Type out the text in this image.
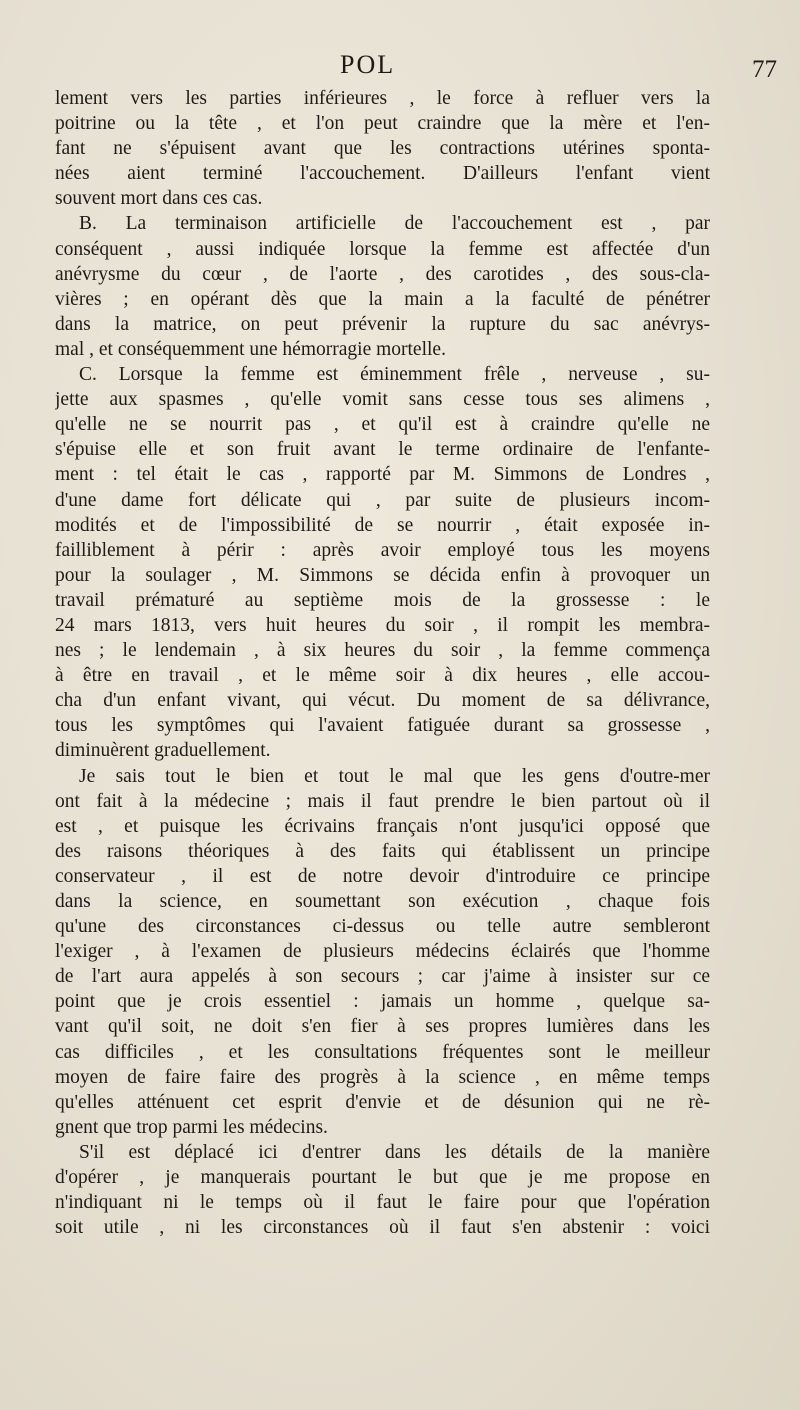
POL	77
lement vers les parties inférieures , le force à refluer vers la
poitrine ou la tête , et l'on peut craindre que la mère et l'en-
fant ne s'épuisent avant que les contractions utérines sponta-
nées aient terminé l'accouchement. D'ailleurs l'enfant vient
souvent mort dans ces cas.
B. La terminaison artificielle de l'accouchement est , par
conséquent , aussi indiquée lorsque la femme est affectée d'un
anévrysme du cœur , de l'aorte , des carotides , des sous-cla-
vières ; en opérant dès que la main a la faculté de pénétrer
dans la matrice, on peut prévenir la rupture du sac anévrys-
mal , et conséquemment une hémorragie mortelle.
C. Lorsque la femme est éminemment frêle , nerveuse , su-
jette aux spasmes , qu'elle vomit sans cesse tous ses alimens ,
qu'elle ne se nourrit pas , et qu'il est à craindre qu'elle ne
s'épuise elle et son fruit avant le terme ordinaire de l'enfante-
ment : tel était le cas , rapporté par M. Simmons de Londres ,
d'une dame fort délicate qui , par suite de plusieurs incom-
modités et de l'impossibilité de se nourrir , était exposée in-
failliblement à périr : après avoir employé tous les moyens
pour la soulager , M. Simmons se décida enfin à provoquer un
travail prématuré au septième mois de la grossesse : le
24 mars 1813, vers huit heures du soir , il rompit les membra-
nes ; le lendemain , à six heures du soir , la femme commença
à être en travail , et le même soir à dix heures , elle accou-
cha d'un enfant vivant, qui vécut. Du moment de sa délivrance,
tous les symptômes qui l'avaient fatiguée durant sa grossesse ,
diminuèrent graduellement.
Je sais tout le bien et tout le mal que les gens d'outre-mer
ont fait à la médecine ; mais il faut prendre le bien partout où il
est , et puisque les écrivains français n'ont jusqu'ici opposé que
des raisons théoriques à des faits qui établissent un principe
conservateur , il est de notre devoir d'introduire ce principe
dans la science, en soumettant son exécution , chaque fois
qu'une des circonstances ci-dessus ou telle autre sembleront
l'exiger , à l'examen de plusieurs médecins éclairés que l'homme
de l'art aura appelés à son secours ; car j'aime à insister sur ce
point que je crois essentiel : jamais un homme , quelque sa-
vant qu'il soit, ne doit s'en fier à ses propres lumières dans les
cas difficiles , et les consultations fréquentes sont le meilleur
moyen de faire faire des progrès à la science , en même temps
qu'elles atténuent cet esprit d'envie et de désunion qui ne rè-
gnent que trop parmi les médecins.
S'il est déplacé ici d'entrer dans les détails de la manière
d'opérer , je manquerais pourtant le but que je me propose en
n'indiquant ni le temps où il faut le faire pour que l'opération
soit utile , ni les circonstances où il faut s'en abstenir : voici
